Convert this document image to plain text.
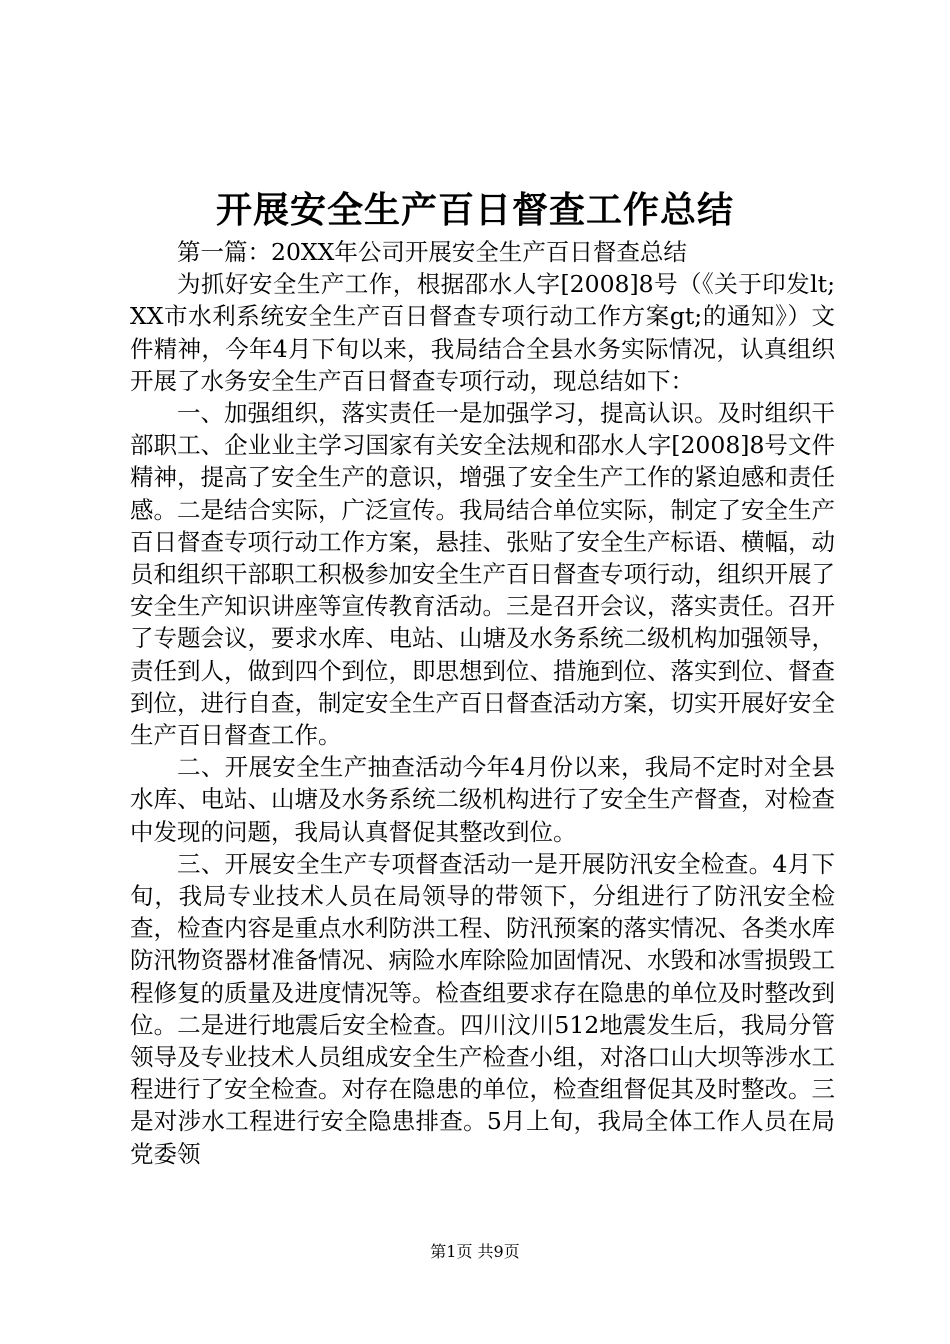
开展安全生产百日督查工作总结

第一篇：20XX年公司开展安全生产百日督查总结

为抓好安全生产工作，根据邵水人字[2008]8号（《关于印发lt;XX市水利系统安全生产百日督查专项行动工作方案gt;的通知》）文件精神，今年4月下旬以来，我局结合全县水务实际情况，认真组织开展了水务安全生产百日督查专项行动，现总结如下：

一、加强组织，落实责任一是加强学习，提高认识。及时组织干部职工、企业业主学习国家有关安全法规和邵水人字[2008]8号文件精神，提高了安全生产的意识，增强了安全生产工作的紧迫感和责任感。二是结合实际，广泛宣传。我局结合单位实际，制定了安全生产百日督查专项行动工作方案，悬挂、张贴了安全生产标语、横幅，动员和组织干部职工积极参加安全生产百日督查专项行动，组织开展了安全生产知识讲座等宣传教育活动。三是召开会议，落实责任。召开了专题会议，要求水库、电站、山塘及水务系统二级机构加强领导，责任到人，做到四个到位，即思想到位、措施到位、落实到位、督查到位，进行自查，制定安全生产百日督查活动方案，切实开展好安全生产百日督查工作。

二、开展安全生产抽查活动今年4月份以来，我局不定时对全县水库、电站、山塘及水务系统二级机构进行了安全生产督查，对检查中发现的问题，我局认真督促其整改到位。

三、开展安全生产专项督查活动一是开展防汛安全检查。4月下旬，我局专业技术人员在局领导的带领下，分组进行了防汛安全检查，检查内容是重点水利防洪工程、防汛预案的落实情况、各类水库防汛物资器材准备情况、病险水库除险加固情况、水毁和冰雪损毁工程修复的质量及进度情况等。检查组要求存在隐患的单位及时整改到位。二是进行地震后安全检查。四川汶川512地震发生后，我局分管领导及专业技术人员组成安全生产检查小组，对洛口山大坝等涉水工程进行了安全检查。对存在隐患的单位，检查组督促其及时整改。三是对涉水工程进行安全隐患排查。5月上旬，我局全体工作人员在局党委领

第1页 共9页
